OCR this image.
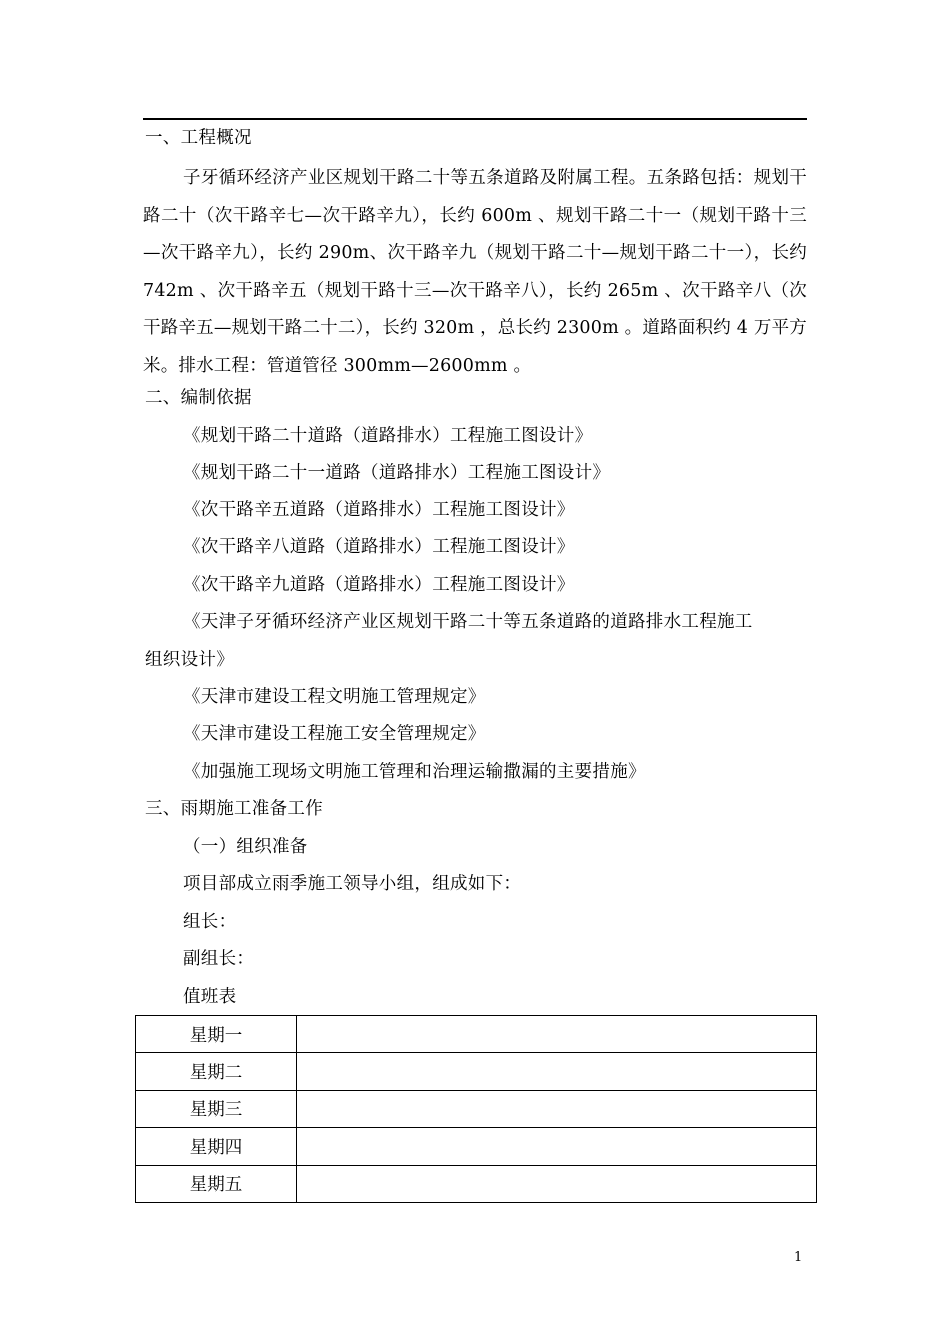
一、工程概况
子牙循环经济产业区规划干路二十等五条道路及附属工程。五条路包括：规划干路二十（次干路辛七—次干路辛九），长约 600m 、规划干路二十一（规划干路十三—次干路辛九），长约 290m、次干路辛九（规划干路二十—规划干路二十一），长约 742m 、次干路辛五（规划干路十三—次干路辛八），长约 265m 、次干路辛八（次干路辛五—规划干路二十二），长约 320m ，总长约 2300m 。道路面积约 4 万平方米。排水工程：管道管径 300mm—2600mm 。
二、编制依据
《规划干路二十道路（道路排水）工程施工图设计》
《规划干路二十一道路（道路排水）工程施工图设计》
《次干路辛五道路（道路排水）工程施工图设计》
《次干路辛八道路（道路排水）工程施工图设计》
《次干路辛九道路（道路排水）工程施工图设计》
《天津子牙循环经济产业区规划干路二十等五条道路的道路排水工程施工
组织设计》
《天津市建设工程文明施工管理规定》
《天津市建设工程施工安全管理规定》
《加强施工现场文明施工管理和治理运输撒漏的主要措施》
三、雨期施工准备工作
（一）组织准备
项目部成立雨季施工领导小组，组成如下：
组长：
副组长：
值班表
星期一	
星期二	
星期三	
星期四	
星期五	
1
